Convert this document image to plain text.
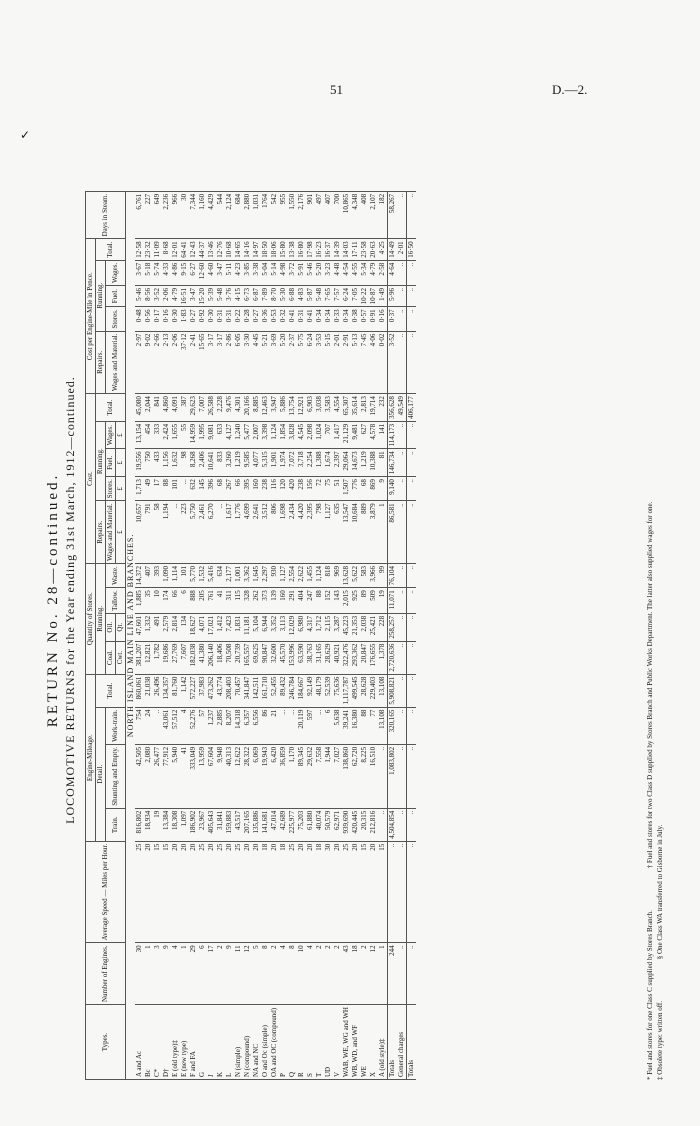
51	D.—2.
✓
RETURN No. 28—continued. LOCOMOTIVE RETURNS for the Year ending 31st March, 1912—continued.
Types.	Number of Engines.	Average Speed — Miles per Hour.	Engine-Mileage.				Quantity of Stores.				Cost.					Cost per Engine-Mile in Pence.					Days in Steam.
			Detail.			Total.	Running.				Repairs.	Running.			Total.	Repairs.	Running.			Total.	
			Train.	Shunting and Empty.	Work-train.		Coal.	Oil.	Tallow.	Waste.	Wages and Material.	Stores.	Fuel.	Wages.		Wages and Material.	Stores.	Fuel.	Wages.		
							Cwt.	Qt.			£	£	£	£							
NORTH ISLAND MAIN LINE AND BRANCHES.																					
A and Ac	30	25	816,802	42,505	754	860,061	381,207	47,601	1,885	14,372	10,657	1,713	19,556	13,154	45,080	2·97	0·48	5·46	3·67	12·58	6,761
Bc	1	20	18,934	2,080	24	21,038	12,821	1,332	35	407	791	49	750	454	2,044	9·02	0·56	8·56	5·18	23·32	227
C*	3	15	19	26,477	..	26,496	1,782	491	10	393	58	17	433	333	841	2·66	0·17	3·52	5·74	11·09	649
D†	9	15	13,384	77,912	43,061	134,357	19,686	2,579	174	1,090	1,194	88	1,156	2,424	4,860	2·13	0·16	2·06	4·33	8·68	2,236
E (old type)‡	4	20	18,308	5,940	57,512	81,760	27,769	2,814	66	1,114	...	101	1,632	1,655	4,091	2·06	0·30	4·79	4·86	12·01	966
E (new type)	1	20	1,097	41	4	1,142	7,607	134	6	101	223	...	98	55	387	37·12	1·83	16·51	9·15	64·41	30
F and FA	29	20	186,902	333,049	52,276	572,227	182,038	18,627	888	5,770	5,750	632	8,268	14,959	29,623	2·41	0·27	3·47	6·27	12·43	7,344
G	6	25	23,967	13,959	57	37,983	41,380	4,071	205	1,532	2,461	145	2,406	1,995	7,007	15·65	0·92	15·20	12·60	44·37	1,160
J	17	20	405,643	67,604	1,237	473,262	206,140	17,021	761	5,416	6,270	396	10,641	9,081	26,588	3·17	0·30	5·39	4·60	13·46	4,429
K	2	25	31,841	9,948	2,885	43,774	18,406	1,412	41	634	...	68	833	633	2,228	3·17	0·31	5·48	3·47	12·76	544
L	9	20	159,883	40,313	8,207	208,403	70,508	7,423	311	2,177	1,617	267	3,260	4,127	9,476	2·86	0·31	3·76	5·11	10·68	2,124
N (simple)	11	25	43,517	12,622	14,318	70,457	20,739	1,831	115	1,001	1,776	66	1,219	1,240	4,301	6·05	0·22	4·15	4·23	14·65	684
N (compound)	12	20	207,165	28,322	6,357	341,847	165,557	11,181	328	3,362	4,699	395	9,585	5,477	20,166	3·30	0·28	6·73	3·85	14·16	2,880
NA and NC	5	20	135,886	6,069	6,556	142,511	69,625	5,104	262	1,645	2,641	160	4,077	2,007	8,885	4·45	0·27	6·87	3·38	14·97	1,031
O and Oc (simple)	8	18	141,681	19,943	86	161,710	90,847	6,944	373	2,297	3,512	238	5,315	3,398	12,463	5·21	0·36	7·89	5·04	18·50	1764
OA and OC (compound)	2	20	47,014	6,420	21	52,455	32,600	3,352	139	930	806	116	1,901	1,124	3,947	3·69	0·53	8·70	5·14	18·06	542
P	4	18	42,689	36,859	...	89,432	45,570	3,113	160	1,127	1,698	120	1,974	1,854	5,886	5·20	0·32	5·30	4·98	15·80	955
Q	8	25	225,977	1,170	...	246,784	153,996	12,029	291	2,554	2,434	420	7,072	3,828	13,754	2·37	0·41	6·88	3·72	13·38	1,550
R	10	20	75,203	89,345	20,119	184,667	63,590	6,980	404	2,622	4,420	238	3,718	4,545	12,921	5·75	0·31	4·83	5·91	16·80	2,176
S	4	20	61,880	29,632	597	92,149	38,763	4,317	247	1,455	2,395	156	2,254	2,098	6,903	6·24	0·41	5·87	5·46	17·98	901
T	2	18	40,074	7,558	...	48,179	31,165	1,712	88	1,124	798	72	1,388	1,024	3,038	3·53	0·34	5·48	5·20	16·23	497
UD	2	30	50,579	1,944	6	52,539	28,629	2,115	152	818	1,127	75	1,674	707	3,583	5·15	0·34	7·65	3·23	16·37	407
V	2	20	62,971	7,027	5,638	75,636	40,921	3,287	143	969	635	51	2,397	1,417	4,554	2·01	0·33	7·57	4·48	14·39	700
WAB, WE, WG and WH	43	25	939,690	138,860	39,241	1,117,787	322,476	45,223	2,015	13,628	13,547	1,507	29,064	21,129	65,307	2·91	0·34	6·24	4·54	14·03	10,865
WB, WD, and WF	18	20	420,445	62,720	16,380	499,545	293,362	21,353	925	5,622	10,684	776	14,673	9,481	35,614	5·13	0·38	7·05	4·55	17·11	4,348
WE	2	15	20,315	8,225	88	28,628	20,847	2,038	89	583	889	68	1,219	627	2,813	7·45	0·57	10·22	5·34	23·58	408
X	12	20	212,816	16,510	77	229,403	176,655	25,421	509	3,966	3,879	869	10,388	4,578	19,714	4·06	0·91	10·87	4·79	20·63	2,107
A (old style)‡	1	15	..	..	13,108	13,108	1,378	228	19	99	1	9	81	141	232	0·02	0·16	1·49	2·58	4·25	182
Totals	244	..	4,504,854	1,083,802	320,165	5,908,821	2,720,636	258,257	11,071	76,104	86,581	9,140	146,734	114,173	356,628	3·52	0·37	5·96	4·64	14·49	58,267
General charges	..	..	..	..	..	..	..	..	..	..	..	..	..	..	49,549	..	..	..	..	2·01	..
Totals	..	..	..	..	..	..	..	..	..	..	..	..	..	..	406,177	..	..	..	..	16·50	..
* Fuel and stores for one Class C supplied by Stores Branch. † Fuel and stores for two Class D supplied by Stores Branch and Public Works Department. The latter also supplied wages for one.
‡ Obsolete type: written off. § One Class WA transferred to Gisborne in July.
